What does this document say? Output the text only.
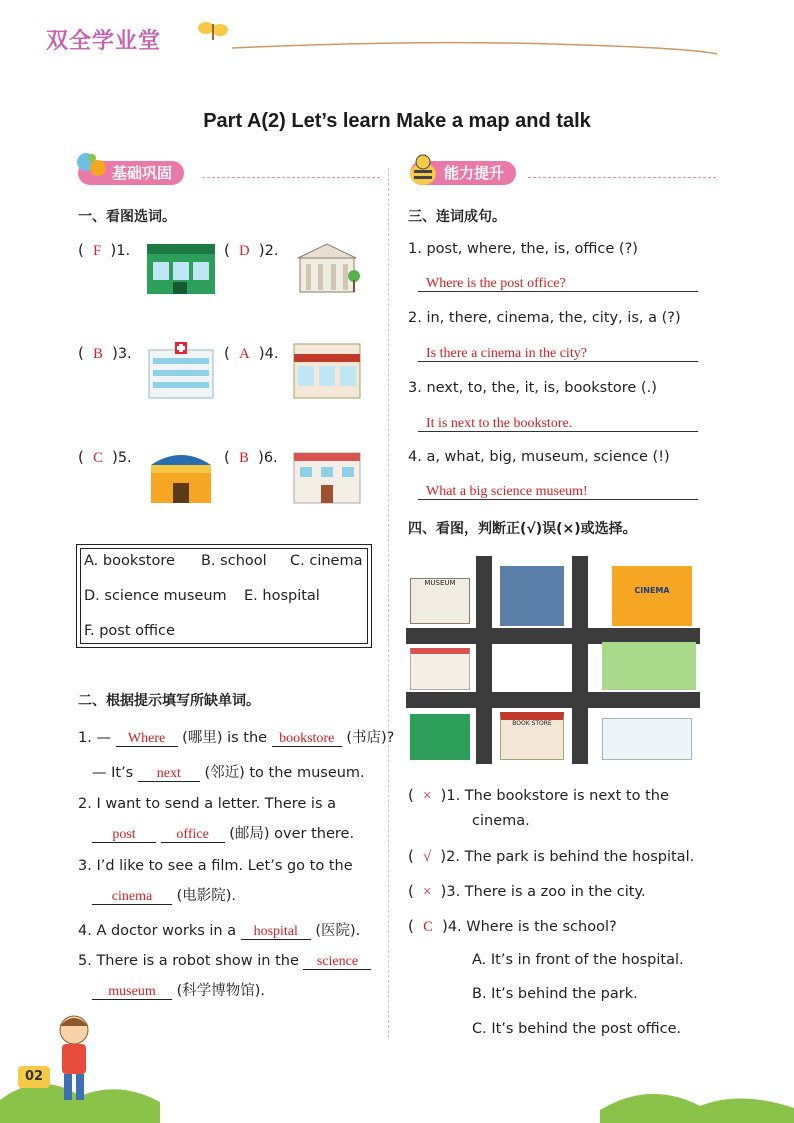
双全学业堂
Part A(2) Let’s learn Make a map and talk
基础巩固	能力提升
一、看图选词。
( F )1.	( D )2.
( B )3.	( A )4.
( C )5.	( B )6.
A. bookstore B. school C. cinema
D. science museum E. hospital
F. post office
二、根据提示填写所缺单词。
1. — Where (哪里) is the bookstore (书店)?
— It’s next (邻近) to the museum.
2. I want to send a letter. There is a
post	office (邮局) over there.
3. I’d like to see a film. Let’s go to the
cinema (电影院).
4. A doctor works in a hospital (医院).
5. There is a robot show in the science
museum (科学博物馆).
三、连词成句。
1. post, where, the, is, office (?)
Where is the post office?
2. in, there, cinema, the, city, is, a (?)
Is there a cinema in the city?
3. next, to, the, it, is, bookstore (.)
It is next to the bookstore.
4. a, what, big, museum, science (!)
What a big science museum!
四、看图，判断正(√)误(×)或选择。
MUSEUM
CINEMA
BOOK STORE
( × )1. The bookstore is next to the
cinema.
( √ )2. The park is behind the hospital.
( × )3. There is a zoo in the city.
( C )4. Where is the school?
A. It’s in front of the hospital.
B. It’s behind the park.
C. It’s behind the post office.
02
